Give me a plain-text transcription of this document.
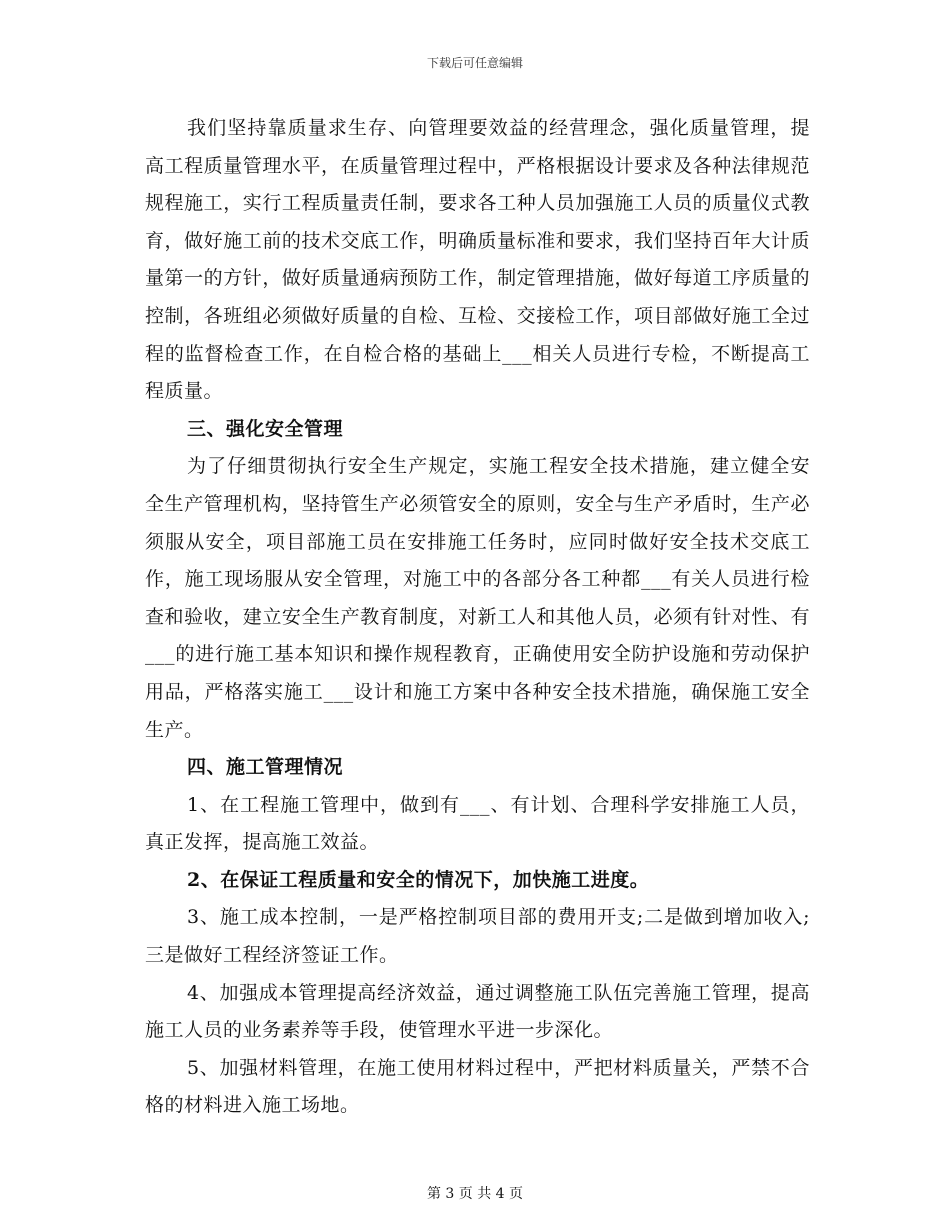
下载后可任意编辑

我们坚持靠质量求生存、向管理要效益的经营理念，强化质量管理，提高工程质量管理水平，在质量管理过程中，严格根据设计要求及各种法律规范规程施工，实行工程质量责任制，要求各工种人员加强施工人员的质量仪式教育，做好施工前的技术交底工作，明确质量标准和要求，我们坚持百年大计质量第一的方针，做好质量通病预防工作，制定管理措施，做好每道工序质量的控制，各班组必须做好质量的自检、互检、交接检工作，项目部做好施工全过程的监督检查工作，在自检合格的基础上___相关人员进行专检，不断提高工程质量。

三、强化安全管理

为了仔细贯彻执行安全生产规定，实施工程安全技术措施，建立健全安全生产管理机构，坚持管生产必须管安全的原则，安全与生产矛盾时，生产必须服从安全，项目部施工员在安排施工任务时，应同时做好安全技术交底工作，施工现场服从安全管理，对施工中的各部分各工种都___有关人员进行检查和验收，建立安全生产教育制度，对新工人和其他人员，必须有针对性、有___的进行施工基本知识和操作规程教育，正确使用安全防护设施和劳动保护用品，严格落实施工___设计和施工方案中各种安全技术措施，确保施工安全生产。

四、施工管理情况

1、在工程施工管理中，做到有___、有计划、合理科学安排施工人员，真正发挥，提高施工效益。

2、在保证工程质量和安全的情况下，加快施工进度。

3、施工成本控制，一是严格控制项目部的费用开支;二是做到增加收入;三是做好工程经济签证工作。

4、加强成本管理提高经济效益，通过调整施工队伍完善施工管理，提高施工人员的业务素养等手段，使管理水平进一步深化。

5、加强材料管理，在施工使用材料过程中，严把材料质量关，严禁不合格的材料进入施工场地。

第 3 页 共 4 页
